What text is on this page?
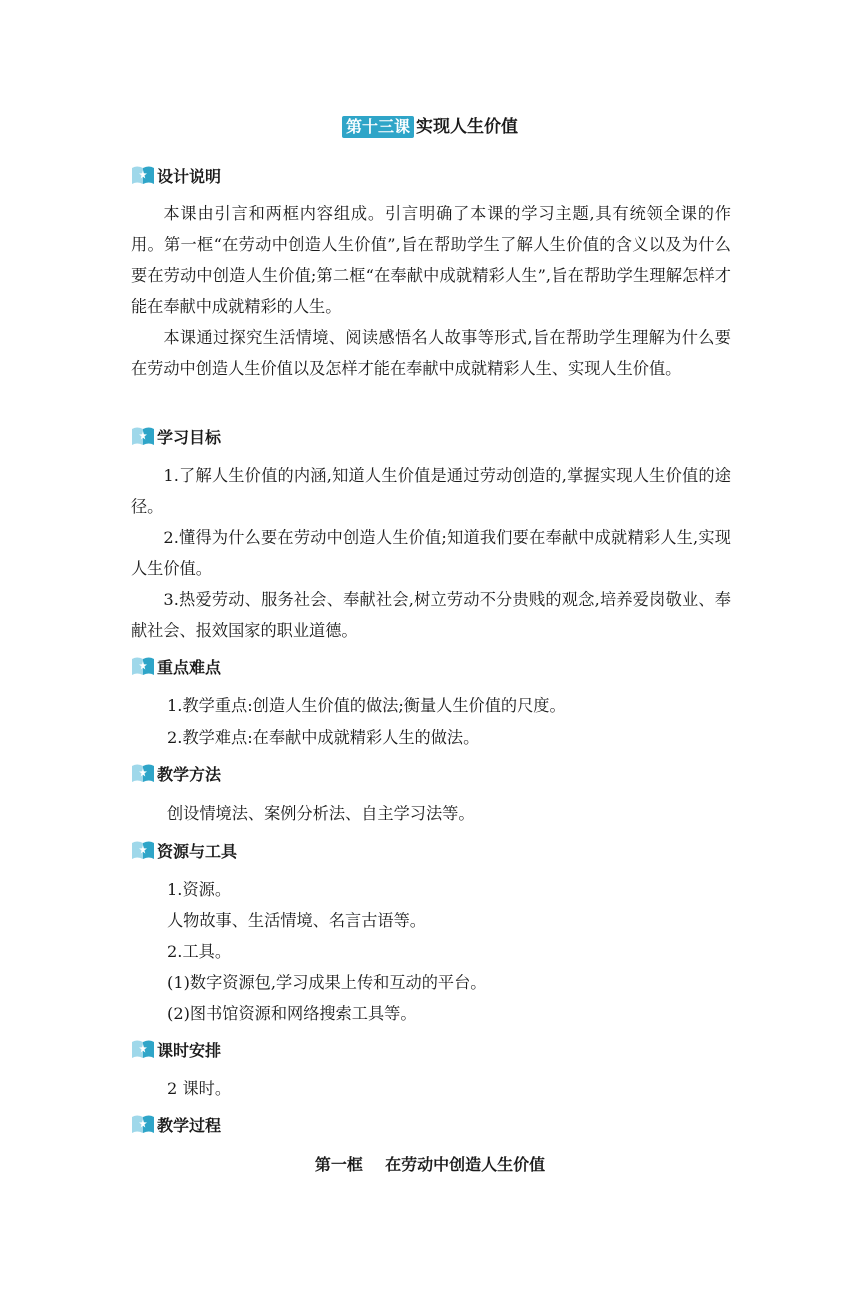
第十三课 实现人生价值
设计说明

本课由引言和两框内容组成。引言明确了本课的学习主题,具有统领全课的作用。第一框“在劳动中创造人生价值”,旨在帮助学生了解人生价值的含义以及为什么要在劳动中创造人生价值;第二框“在奉献中成就精彩人生”,旨在帮助学生理解怎样才能在奉献中成就精彩的人生。

本课通过探究生活情境、阅读感悟名人故事等形式,旨在帮助学生理解为什么要在劳动中创造人生价值以及怎样才能在奉献中成就精彩人生、实现人生价值。

学习目标

1.了解人生价值的内涵,知道人生价值是通过劳动创造的,掌握实现人生价值的途径。

2.懂得为什么要在劳动中创造人生价值;知道我们要在奉献中成就精彩人生,实现人生价值。

3.热爱劳动、服务社会、奉献社会,树立劳动不分贵贱的观念,培养爱岗敬业、奉献社会、报效国家的职业道德。

重点难点
1.教学重点:创造人生价值的做法;衡量人生价值的尺度。
2.教学难点:在奉献中成就精彩人生的做法。
教学方法
创设情境法、案例分析法、自主学习法等。
资源与工具
1.资源。
人物故事、生活情境、名言古语等。
2.工具。
(1)数字资源包,学习成果上传和互动的平台。
(2)图书馆资源和网络搜索工具等。
课时安排
2 课时。
教学过程
第一框    在劳动中创造人生价值
